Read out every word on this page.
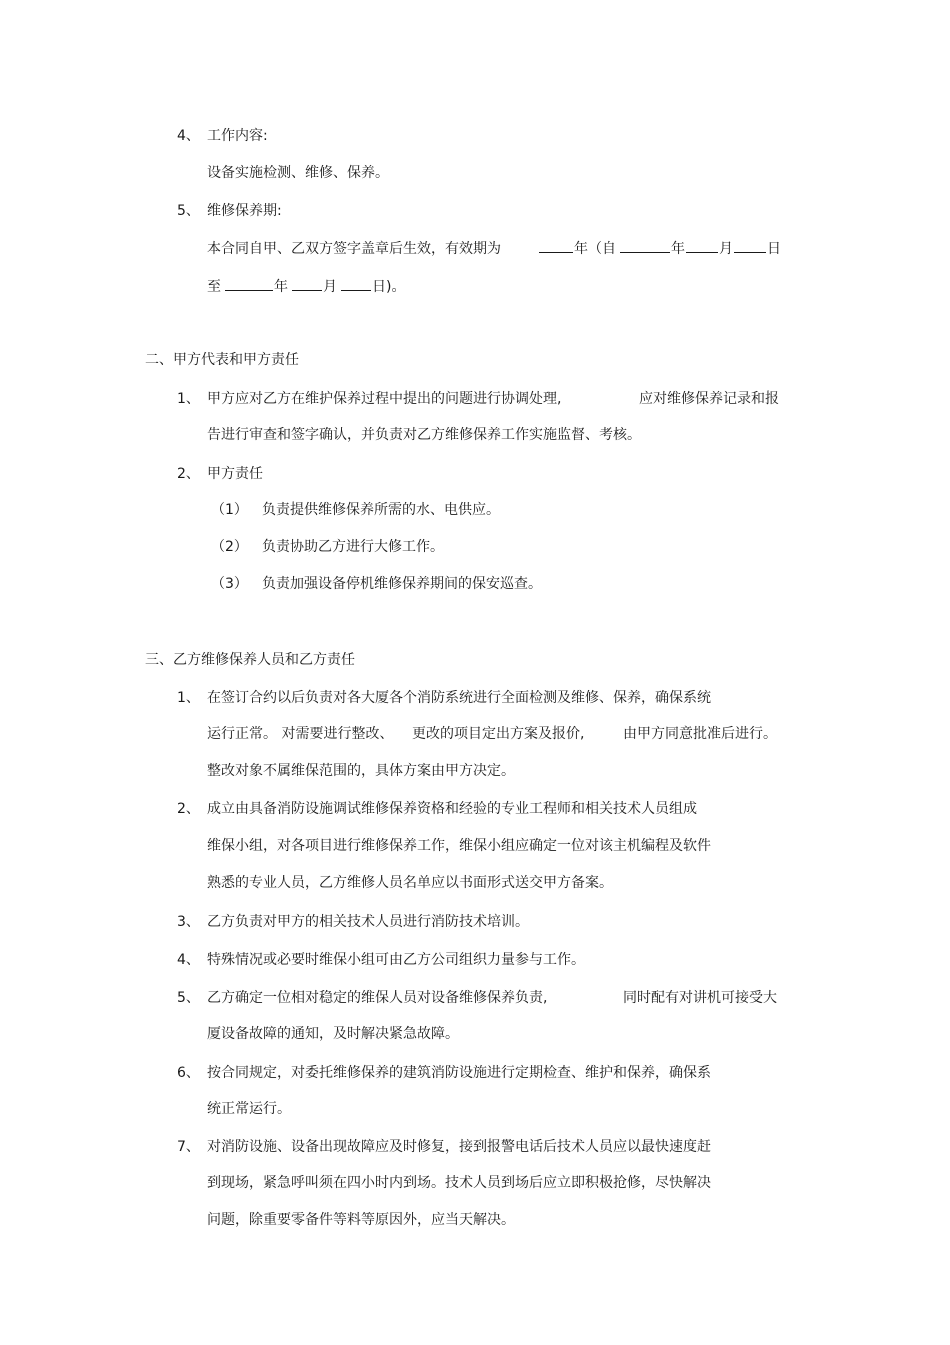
4、 工作内容:
设备实施检测、维修、保养。
5、 维修保养期:
本合同自甲、乙双方签字盖章后生效，有效期为	年（自	年 月 日
至	年	月	日)。
二、甲方代表和甲方责任
1、 甲方应对乙方在维护保养过程中提出的问题进行协调处理,	应对维修保养记录和报
告进行审查和签字确认，并负责对乙方维修保养工作实施监督、考核。
2、 甲方责任
（1） 负责提供维修保养所需的水、电供应。
（2） 负责协助乙方进行大修工作。
（3） 负责加强设备停机维修保养期间的保安巡查。
三、乙方维修保养人员和乙方责任
1、 在签订合约以后负责对各大厦各个消防系统进行全面检测及维修、保养，确保系统
运行正常。 对需要进行整改、 更改的项目定出方案及报价,	由甲方同意批准后进行。
整改对象不属维保范围的，具体方案由甲方决定。
2、 成立由具备消防设施调试维修保养资格和经验的专业工程师和相关技术人员组成
维保小组，对各项目进行维修保养工作，维保小组应确定一位对该主机编程及软件
熟悉的专业人员，乙方维修人员名单应以书面形式送交甲方备案。
3、 乙方负责对甲方的相关技术人员进行消防技术培训。
4、 特殊情况或必要时维保小组可由乙方公司组织力量参与工作。
5、 乙方确定一位相对稳定的维保人员对设备维修保养负责,	同时配有对讲机可接受大
厦设备故障的通知，及时解决紧急故障。
6、 按合同规定，对委托维修保养的建筑消防设施进行定期检查、维护和保养，确保系
统正常运行。
7、 对消防设施、设备出现故障应及时修复，接到报警电话后技术人员应以最快速度赶
到现场，紧急呼叫须在四小时内到场。技术人员到场后应立即积极抢修，尽快解决
问题，除重要零备件等料等原因外，应当天解决。
